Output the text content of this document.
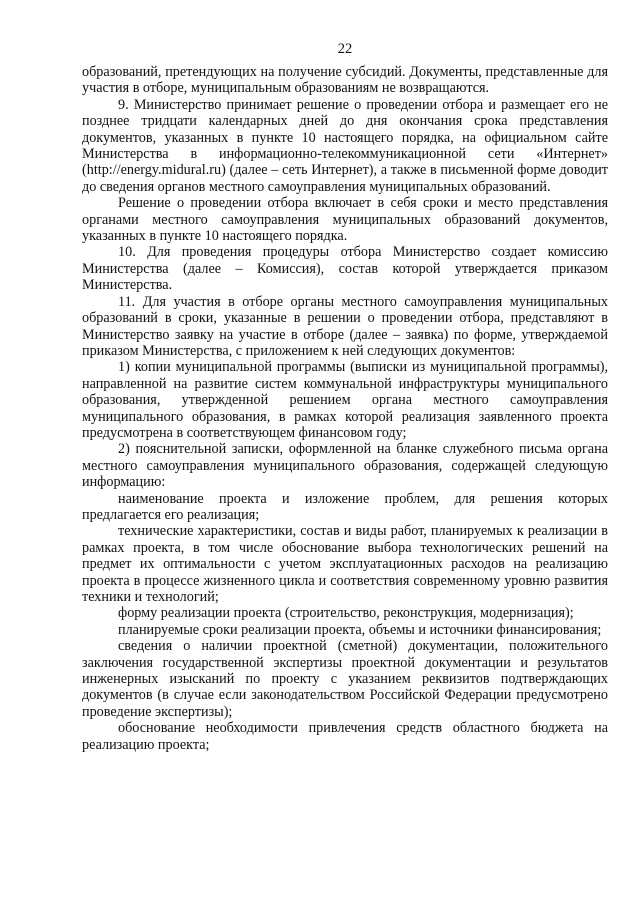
22

образований, претендующих на получение субсидий. Документы, представленные для участия в отборе, муниципальным образованиям не возвращаются.

9. Министерство принимает решение о проведении отбора и размещает его не позднее тридцати календарных дней до дня окончания срока представления документов, указанных в пункте 10 настоящего порядка, на официальном сайте Министерства в информационно-телекоммуникационной сети «Интернет» (http://energy.midural.ru) (далее – сеть Интернет), а также в письменной форме доводит до сведения органов местного самоуправления муниципальных образований.

Решение о проведении отбора включает в себя сроки и место представления органами местного самоуправления муниципальных образований документов, указанных в пункте 10 настоящего порядка.

10. Для проведения процедуры отбора Министерство создает комиссию Министерства (далее – Комиссия), состав которой утверждается приказом Министерства.

11. Для участия в отборе органы местного самоуправления муниципальных образований в сроки, указанные в решении о проведении отбора, представляют в Министерство заявку на участие в отборе (далее – заявка) по форме, утверждаемой приказом Министерства, с приложением к ней следующих документов:

1) копии муниципальной программы (выписки из муниципальной программы), направленной на развитие систем коммунальной инфраструктуры муниципального образования, утвержденной решением органа местного самоуправления муниципального образования, в рамках которой реализация заявленного проекта предусмотрена в соответствующем финансовом году;

2) пояснительной записки, оформленной на бланке служебного письма органа местного самоуправления муниципального образования, содержащей следующую информацию:

наименование проекта и изложение проблем, для решения которых предлагается его реализация;

технические характеристики, состав и виды работ, планируемых к реализации в рамках проекта, в том числе обоснование выбора технологических решений на предмет их оптимальности с учетом эксплуатационных расходов на реализацию проекта в процессе жизненного цикла и соответствия современному уровню развития техники и технологий;

форму реализации проекта (строительство, реконструкция, модернизация);

планируемые сроки реализации проекта, объемы и источники финансирования;

сведения о наличии проектной (сметной) документации, положительного заключения государственной экспертизы проектной документации и результатов инженерных изысканий по проекту с указанием реквизитов подтверждающих документов (в случае если законодательством Российской Федерации предусмотрено проведение экспертизы);

обоснование необходимости привлечения средств областного бюджета на реализацию проекта;
